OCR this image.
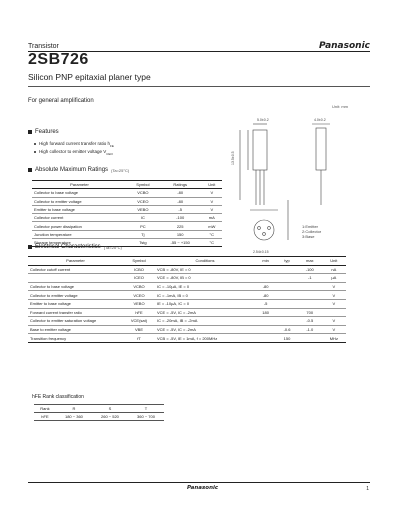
Transistor	Panasonic
2SB726
Silicon PNP epitaxial planer type
For general amplification
Features
High forward current transfer ratio $h_{FE}$
High collector to emitter voltage $V_{CEO}$
Absolute Maximum Ratings (Ta=25°C)
Parameter	Symbol	Ratings	Unit
Collector to base voltage	VCBO	-80	V
Collector to emitter voltage	VCEO	-80	V
Emitter to base voltage	VEBO	-5	V
Collector current	IC	-100	mA
Collector power dissipation	PC	225	mW
Junction temperature	Tj	150	°C
Storage temperature	Tstg	-55 ~ +150	°C
Unit: mm
5.0±0.2	4.0±0.2
13.5±0.5
2.54±0.15
1:Emitter
2:Collector
3:Base
Electrical Characteristics (Ta=25°C)
Parameter	Symbol	Conditions	min	typ	max	Unit
Collector cutoff current	ICBO	VCB = -80V, IE = 0			-100	nA
	ICEO	VCE = -80V, IB = 0			-1	µA
Collector to base voltage	VCBO	IC = -10µA, IE = 0	-80			V
Collector to emitter voltage	VCEO	IC = -1mA, IB = 0	-80			V
Emitter to base voltage	VEBO	IE = -10µA, IC = 0	-5			V
Forward current transfer ratio	hFE	VCE = -5V, IC = -2mA	180		700	
Collector to emitter saturation voltage	VCE(sat)	IC = -20mA, IB = -2mA			-0.5	V
Base to emitter voltage	VBE	VCE = -5V, IC = -2mA		-0.6	-1.0	V
Transition frequency	fT	VCB = -5V, IE = 1mA, f = 200MHz		150		MHz
hFE Rank classification
Rank	R	S	T
hFE	180 ~ 360	260 ~ 520	360 ~ 700
Panasonic	1
